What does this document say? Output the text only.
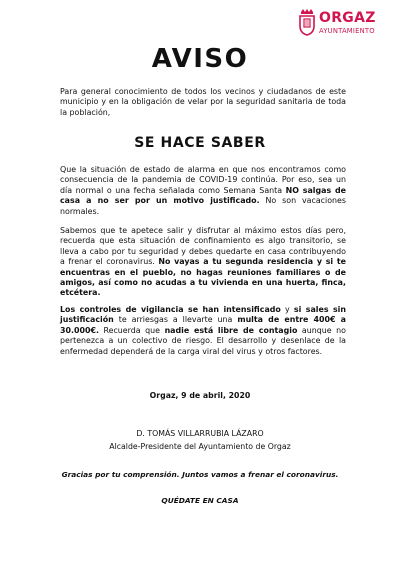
ORGAZ
AYUNTAMIENTO
AVISO

Para general conocimiento de todos los vecinos y ciudadanos de este municipio y en la obligación de velar por la seguridad sanitaria de toda la población,

SE HACE SABER

Que la situación de estado de alarma en que nos encontramos como consecuencia de la pandemia de COVID-19 continúa. Por eso, sea un día normal o una fecha señalada como Semana Santa NO salgas de casa a no ser por un motivo justificado. No son vacaciones normales.

Sabemos que te apetece salir y disfrutar al máximo estos días pero, recuerda que esta situación de confinamiento es algo transitorio, se lleva a cabo por tu seguridad y debes quedarte en casa contribuyendo a frenar el coronavirus. No vayas a tu segunda residencia y si te encuentras en el pueblo, no hagas reuniones familiares o de amigos, así como no acudas a tu vivienda en una huerta, finca, etcétera.

Los controles de vigilancia se han intensificado y si sales sin justificación te arriesgas a llevarte una multa de entre 400€ a 30.000€. Recuerda que nadie está libre de contagio aunque no pertenezca a un colectivo de riesgo. El desarrollo y desenlace de la enfermedad dependerá de la carga viral del virus y otros factores.

Orgaz, 9 de abril, 2020
D. TOMÁS VILLARRUBIA LÁZARO
Alcalde-Presidente del Ayuntamiento de Orgaz
Gracias por tu comprensión. Juntos vamos a frenar el coronavirus.
QUÉDATE EN CASA
